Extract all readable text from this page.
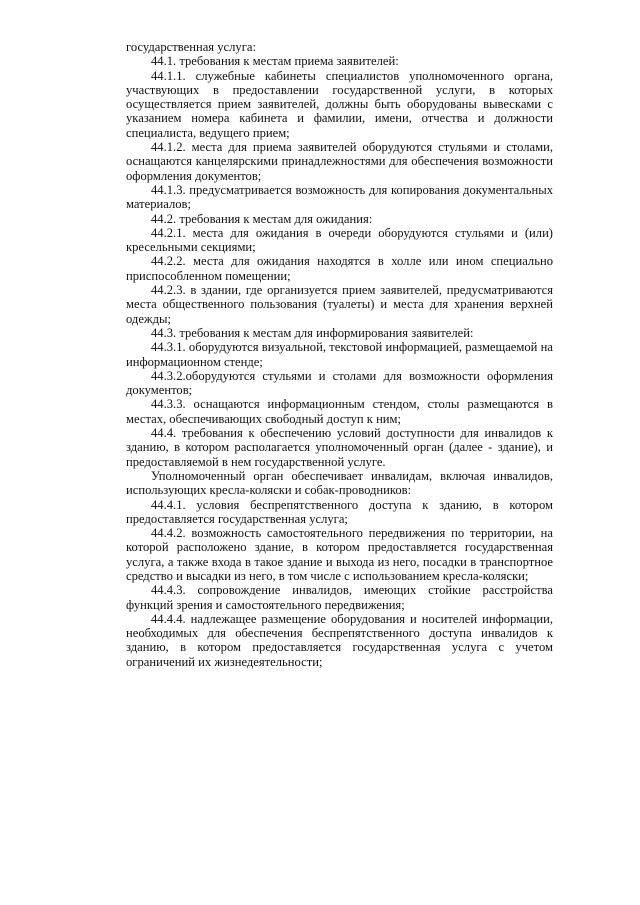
государственная услуга:

44.1. требования к местам приема заявителей:

44.1.1. служебные кабинеты специалистов уполномоченного органа, участвующих в предоставлении государственной услуги, в которых осуществляется прием заявителей, должны быть оборудованы вывесками с указанием номера кабинета и фамилии, имени, отчества и должности специалиста, ведущего прием;

44.1.2. места для приема заявителей оборудуются стульями и столами, оснащаются канцелярскими принадлежностями для обеспечения возможности оформления документов;

44.1.3. предусматривается возможность для копирования документальных материалов;

44.2. требования к местам для ожидания:

44.2.1. места для ожидания в очереди оборудуются стульями и (или) кресельными секциями;

44.2.2. места для ожидания находятся в холле или ином специально приспособленном помещении;

44.2.3. в здании, где организуется прием заявителей, предусматриваются места общественного пользования (туалеты) и места для хранения верхней одежды;

44.3. требования к местам для информирования заявителей:

44.3.1. оборудуются визуальной, текстовой информацией, размещаемой на информационном стенде;

44.3.2.оборудуются стульями и столами для возможности оформления документов;

44.3.3. оснащаются информационным стендом, столы размещаются в местах, обеспечивающих свободный доступ к ним;

44.4. требования к обеспечению условий доступности для инвалидов к зданию, в котором располагается уполномоченный орган (далее - здание), и предоставляемой в нем государственной услуге.

Уполномоченный орган обеспечивает инвалидам, включая инвалидов, использующих кресла-коляски и собак-проводников:

44.4.1. условия беспрепятственного доступа к зданию, в котором предоставляется государственная услуга;

44.4.2. возможность самостоятельного передвижения по территории, на которой расположено здание, в котором предоставляется государственная услуга, а также входа в такое здание и выхода из него, посадки в транспортное средство и высадки из него, в том числе с использованием кресла-коляски;

44.4.3. сопровождение инвалидов, имеющих стойкие расстройства функций зрения и самостоятельного передвижения;

44.4.4. надлежащее размещение оборудования и носителей информации, необходимых для обеспечения беспрепятственного доступа инвалидов к зданию, в котором предоставляется государственная услуга с учетом ограничений их жизнедеятельности;
